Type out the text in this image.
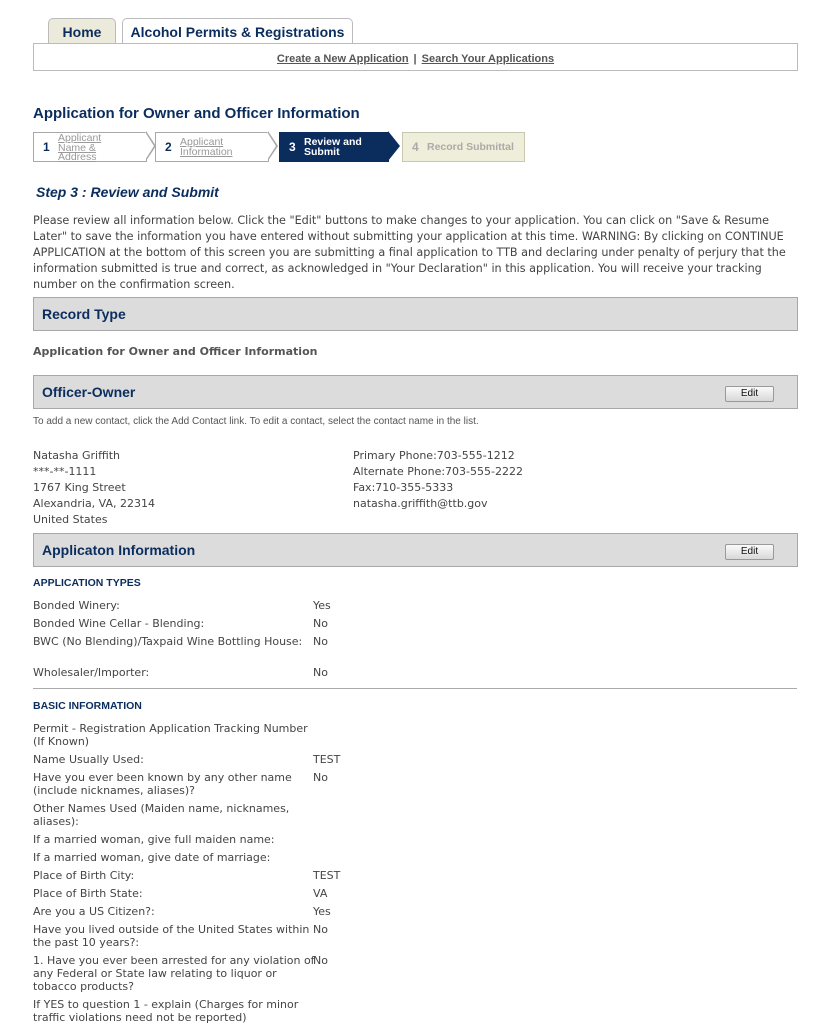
Home	Alcohol Permits & Registrations
Create a New Application | Search Your Applications
Application for Owner and Officer Information
1
Applicant Name & Address
2 Applicant Information	3 Review and Submit	4 Record Submittal
Step 3 : Review and Submit
Please review all information below. Click the "Edit" buttons to make changes to your application. You can click on "Save & Resume Later" to save the information you have entered without submitting your application at this time. WARNING: By clicking on CONTINUE APPLICATION at the bottom of this screen you are submitting a final application to TTB and declaring under penalty of perjury that the information submitted is true and correct, as acknowledged in "Your Declaration" in this application. You will receive your tracking number on the confirmation screen.
Record Type
Application for Owner and Officer Information
Officer-Owner	Edit
To add a new contact, click the Add Contact link. To edit a contact, select the contact name in the list.
Natasha Griffith
***-**-1111
1767 King Street
Alexandria, VA, 22314
United States
Primary Phone:703-555-1212
Alternate Phone:703-555-2222
Fax:710-355-5333
natasha.griffith@ttb.gov
Applicaton Information	Edit
APPLICATION TYPES
Bonded Winery:	Yes
Bonded Wine Cellar - Blending:	No
BWC (No Blending)/Taxpaid Wine Bottling House: No
Wholesaler/Importer:	No
BASIC INFORMATION
Permit - Registration Application Tracking Number (If Known)
Name Usually Used:	TEST
Have you ever been known by any other name (include nicknames, aliases)?
No
Other Names Used (Maiden name, nicknames, aliases):
If a married woman, give full maiden name:
If a married woman, give date of marriage:
Place of Birth City:	TEST
Place of Birth State:	VA
Are you a US Citizen?:	Yes
Have you lived outside of the United States within the past 10 years?:
No
1. Have you ever been arrested for any violation of any Federal or State law relating to liquor or tobacco products?
No
If YES to question 1 - explain (Charges for minor traffic violations need not be reported)
